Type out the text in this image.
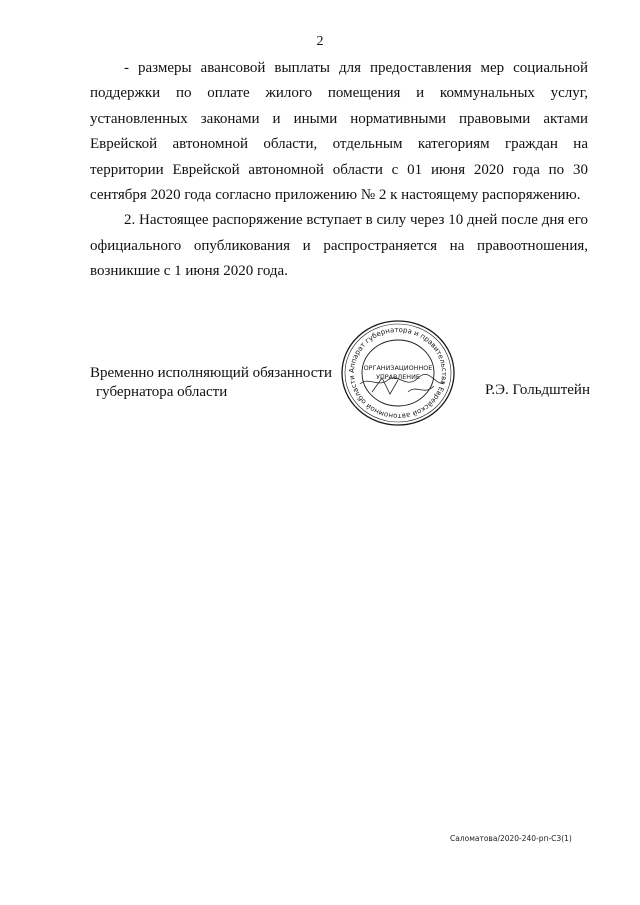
2

- размеры авансовой выплаты для предоставления мер социальной поддержки по оплате жилого помещения и коммунальных услуг, установленных законами и иными нормативными правовыми актами Еврейской автономной области, отдельным категориям граждан на территории Еврейской автономной области с 01 июня 2020 года по 30 сентября 2020 года согласно приложению № 2 к настоящему распоряжению.

2. Настоящее распоряжение вступает в силу через 10 дней после дня его официального опубликования и распространяется на правоотношения, возникшие с 1 июня 2020 года.

Временно исполняющий обязанности
губернатора области
Аппарат губернатора и правительства Еврейской автономной области
ОРГАНИЗАЦИОННОЕ
УПРАВЛЕНИЕ
Р.Э. Гольдштейн
Саломатова/2020-240-рп-СЗ(1)
